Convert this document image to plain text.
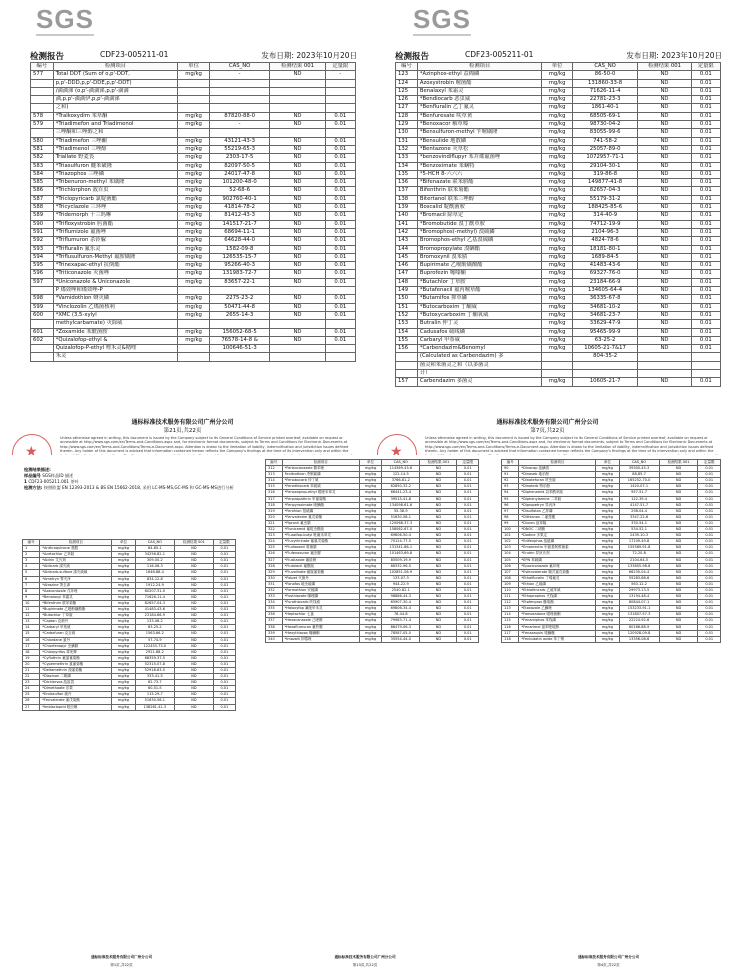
SGS
检测报告	CDF23-005211-01	发布日期: 2023年10月20日
编号	检测项目	单位	CAS_NO	检测结果 001	定量限
577	Total DDT (Sum of o,p'-DDT,	mg/kg	-	ND	-
	p,p'-DDD,p,p'-DDE,p,p'-DDT)				
	/滴滴涕 (o,p'-滴滴涕,p,p'-滴滴				
	滴,p,p'-滴滴伊,p,p'-滴滴涕				
	之和)				
578	*Tralkoxydim 苯草酮	mg/kg	87820-88-0	ND	0.01
579	*Triadimefon and Triadimenol	mg/kg	-	ND	0.01
	三唑酮和三唑醇之和				
580	*Triadimefon 三唑酮	mg/kg	43121-43-3	ND	0.01
581	*Triadimenol 三唑醇	mg/kg	55219-65-3	ND	0.01
582	Triallate 野麦畏	mg/kg	2303-17-5	ND	0.01
583	*Triasulfuron 醚苯磺隆	mg/kg	82097-50-5	ND	0.01
584	*Triazophos 三唑磷	mg/kg	24017-47-8	ND	0.01
585	*Tribenuron-methyl 苯磺隆	mg/kg	101200-48-0	ND	0.01
586	*Trichlorphon 敌百虫	mg/kg	52-68-6	ND	0.01
587	*Triclopyricarb 氯啶菌酯	mg/kg	902760-40-1	ND	0.01
588	*Tricyclazole 三环唑	mg/kg	41814-78-2	ND	0.01
589	*Tridemorph 十三吗啉	mg/kg	81412-43-3	ND	0.01
590	*Trifloxystrobin 肟菌酯	mg/kg	141517-21-7	ND	0.01
591	*Triflumizole 氟菌唑	mg/kg	68694-11-1	ND	0.01
592	*Triflumuron 杀铃脲	mg/kg	64628-44-0	ND	0.01
593	*Trifluralin 氟乐灵	mg/kg	1582-09-8	ND	0.01
594	*Triflusulfuron-Methyl 氟胺磺隆	mg/kg	126535-15-7	ND	0.01
595	*Trinexapac-ethyl 抗倒酯	mg/kg	95266-40-3	ND	0.01
596	*Triticonazole 灭菌唑	mg/kg	131983-72-7	ND	0.01
597	*Uniconazole & Uniconazole	mg/kg	83657-22-1	ND	0.01
	P 烯效唑和烯效唑-P				
598	*Vamidothion 蚜灭磷	mg/kg	2275-23-2	ND	0.01
599	*Vinclozolin 乙烯菌核利	mg/kg	50471-44-8	ND	0.01
600	*XMC (3,5-xylyl	mg/kg	2655-14-3	ND	0.01
	methylcarbamate) 灭除威				
601	*Zoxamide 苯酰菌胺	mg/kg	156052-68-5	ND	0.01
602	*Quizalofop-ethyl &	mg/kg	76578-14-8 &	ND	0.01
	Quizalofop-P-ethyl 喹禾灵&精喹		100646-51-3		
	禾灵				
通标标准技术服务有限公司广州分公司
第21页,共22页
Unless otherwise agreed in writing, this document is issued by the Company subject to its General Conditions of Service printed overleaf, available on request or accessible at http://www.sgs.com/en/Terms-and-Conditions.aspx and, for electronic format documents, subject to Terms and Conditions for Electronic Documents at http://www.sgs.com/en/Terms-and-Conditions/Terms-e-Document.aspx. Attention is drawn to the limitation of liability, indemnification and jurisdiction issues defined therein. Any holder of this document is advised that information contained hereon reflects the Company's findings at the time of its intervention only and within the
★
SGS
检测报告	CDF23-005211-01	发布日期: 2023年10月20日
编号	检测项目	单位	CAS_NO	检测结果 001	定量限
123	*Azinphos-ethyl 益棉磷	mg/kg	86-50-0	ND	0.01
124	Azoxystrobin 嘧菌酯	mg/kg	131860-33-8	ND	0.01
125	Benalaxyl 苯霜灵	mg/kg	71626-11-4	ND	0.01
126	*Bendiocarb 恶虫威	mg/kg	22781-23-3	ND	0.01
127	*Benfluralin 乙丁氟灵	mg/kg	1861-40-1	ND	0.01
128	*Benfuresate 呋草黄	mg/kg	68505-69-1	ND	0.01
129	*Benoxacor 解草嗪	mg/kg	98730-04-2	ND	0.01
130	*Bensulfuron-methyl 苄嘧磺隆	mg/kg	83055-99-6	ND	0.01
131	*Bensulide 地散磷	mg/kg	741-58-2	ND	0.01
132	*Bentazone 灭草松	mg/kg	25057-89-0	ND	0.01
133	*benzovindiflupyr 苯并烯氟菌唑	mg/kg	1072957-71-1	ND	0.01
134	*Benzoximate 苯螨特	mg/kg	29104-30-1	ND	0.01
135	*5-HCH 8-六六六	mg/kg	319-86-8	ND	0.01
136	*Bifenazate 联苯肼酯	mg/kg	149877-41-8	ND	0.01
137	Bifenthrin 联苯菊酯	mg/kg	82657-04-3	ND	0.01
138	Bitertanol 联苯三唑醇	mg/kg	55179-31-2	ND	0.01
139	Boscalid 啶酰菌胺	mg/kg	188425-85-6	ND	0.01
140	*Bromacil 除草定	mg/kg	314-40-9	ND	0.01
141	*Bromobutide 溴丁酰草胺	mg/kg	74712-19-9	ND	0.01
142	*Bromophos(-methyl) 溴硫磷	mg/kg	2104-96-3	ND	0.01
143	Bromophos-ethyl 乙基溴硫磷	mg/kg	4824-78-6	ND	0.01
144	Bromopropylate 溴螨酯	mg/kg	18181-80-1	ND	0.01
145	Bromoxynil 溴苯腈	mg/kg	1689-84-5	ND	0.01
146	Bupirimate 乙嘧酚磺酸酯	mg/kg	41483-43-6	ND	0.01
147	Buprofezin 噻嗪酮	mg/kg	69327-76-0	ND	0.01
148	*Butachlor 丁草胺	mg/kg	23184-66-9	ND	0.01
149	*Butafenacil 氟丙嘧草酯	mg/kg	134605-64-4	ND	0.01
150	*Butamifos 抑草磷	mg/kg	36335-67-8	ND	0.01
151	*Butocarboxim 丁酮威	mg/kg	34681-10-2	ND	0.01
152	*Butoxycarboxim 丁酮氧威	mg/kg	34681-23-7	ND	0.01
153	Butralin 仲丁灵	mg/kg	33629-47-9	ND	0.01
154	Cadusafos 硫线磷	mg/kg	95465-99-9	ND	0.01
155	Carbaryl 甲萘威	mg/kg	63-25-2	ND	0.01
156	*Carbendazim&Benomyl	mg/kg	10605-21-7&17	ND	0.01
	(Calculated as Carbendazim) 多		804-35-2		
	菌灵和苯菌灵之和（以多菌灵				
	计）				
157	Carbendazim 多菌灵	mg/kg	10605-21-7	ND	0.01
通标标准技术服务有限公司广州分公司
第7页,共22页
Unless otherwise agreed in writing, this document is issued by the Company subject to its General Conditions of Service printed overleaf, available on request or accessible at http://www.sgs.com/en/Terms-and-Conditions.aspx and, for electronic format documents, subject to Terms and Conditions for Electronic Documents at http://www.sgs.com/en/Terms-and-Conditions/Terms-e-Document.aspx. Attention is drawn to the limitation of liability, indemnification and jurisdiction issues defined therein. Any holder of this document is advised that information contained hereon reflects the Company's findings at the time of its intervention only and within the
★
检测结果描述:
样品编号 SGS样品ID 描述
1 CDF23-005211.001 茶叶
检测方法: 按照欧盟 EN 12393-2013 & BS EN 15662-2018, 采用 LC-MS-MS,GC-MS 和 GC-MS-MS进行分析
编号	检测项目	单位	CAS_NO	检测结果 001	定量限
1	*Anthraquinone 蒽醌	mg/kg	84-65-1	ND	0.01
2	*Acetochlor 乙草胺	mg/kg	34256-82-1	ND	0.01
3	*Aldrin 艾氏剂	mg/kg	309-00-2	ND	0.01
4	*Aldicarb 涕灭威	mg/kg	116-06-3	ND	0.01
5	*Aldicarb-sulfone 涕灭威砜	mg/kg	1646-88-4	ND	0.01
6	*Ametryn 莠灭净	mg/kg	834-12-8	ND	0.01
7	*Atrazine 莠去津	mg/kg	1912-24-9	ND	0.01
8	*Azaconazole 戊环唑	mg/kg	60207-31-0	ND	0.01
9	*Benalaxyl 苯霜灵	mg/kg	71626-11-4	ND	0.01
10	*Bifenthrin 联苯菊酯	mg/kg	82657-04-3	ND	0.01
11	*Bupirimate 乙嘧酚磺酸酯	mg/kg	41483-43-6	ND	0.01
12	*Butachlor 丁草胺	mg/kg	23184-66-9	ND	0.01
13	*Captan 克菌丹	mg/kg	133-06-2	ND	0.01
14	*Carbaryl 甲萘威	mg/kg	63-25-2	ND	0.01
15	*Carbofuran 克百威	mg/kg	1563-66-2	ND	0.01
16	*Chlordane 氯丹	mg/kg	57-74-9	ND	0.01
17	*Chlorfenapyr 虫螨腈	mg/kg	122453-73-0	ND	0.01
18	*Chlorpyrifos 毒死蜱	mg/kg	2921-88-2	ND	0.01
19	*Cyfluthrin 氟氯氰菊酯	mg/kg	68359-37-5	ND	0.01
20	*Cypermethrin 氯氰菊酯	mg/kg	52315-07-8	ND	0.01
21	*Deltamethrin 溴氰菊酯	mg/kg	52918-63-5	ND	0.01
22	*Diazinon 二嗪磷	mg/kg	333-41-5	ND	0.01
23	*Dichlorvos 敌敌畏	mg/kg	62-73-7	ND	0.01
24	*Dimethoate 乐果	mg/kg	60-51-5	ND	0.01
25	*Endosulfan 硫丹	mg/kg	115-29-7	ND	0.01
26	*Fenvalerate 氰戊菊酯	mg/kg	51630-58-1	ND	0.01
27	*Imidacloprid 吡虫啉	mg/kg	138261-41-3	ND	0.01
通标标准技术服务有限公司广州分公司
第1页,共22页
编号	检测项目	单位	CAS_NO	检测结果 001	定量限
312	*Fenbuconazole 腈苯唑	mg/kg	114369-43-6	ND	0.01
313	Fenitrothion 杀螟硫磷	mg/kg	122-14-5	ND	0.01
314	*Fenobucarb 仲丁威	mg/kg	3766-81-2	ND	0.01
315	*Fenothiocarb 苯硫威	mg/kg	62850-32-2	ND	0.01
316	*Fenoxaprop-ethyl 噁唑禾草灵	mg/kg	66441-23-4	ND	0.01
317	*Fenpropathrin 甲氰菊酯	mg/kg	39515-41-8	ND	0.01
318	*Fenpyroximate 唑螨酯	mg/kg	134098-61-6	ND	0.01
319	*Fenthion 倍硫磷	mg/kg	55-38-9	ND	0.01
320	*Fenvalerate 氰戊菊酯	mg/kg	51630-58-1	ND	0.01
321	*Fipronil 氟虫腈	mg/kg	120068-37-3	ND	0.01
322	*Flonicamid 氟啶虫酰胺	mg/kg	158062-67-0	ND	0.01
323	*Fluazifop-butyl 吡氟禾草灵	mg/kg	69806-50-4	ND	0.01
324	*Flucythrinate 氟氰戊菊酯	mg/kg	70124-77-5	ND	0.01
325	*Fludioxonil 咯菌腈	mg/kg	131341-86-1	ND	0.01
326	*Flufenoxuron 氟虫脲	mg/kg	101463-69-8	ND	0.01
327	*Flusilazole 氟硅唑	mg/kg	85509-19-9	ND	0.01
328	*Flutolanil 氟酰胺	mg/kg	66332-96-5	ND	0.01
329	*Fluvalinate 氟胺氰菊酯	mg/kg	102851-06-9	ND	0.01
330	*Folpet 灭菌丹	mg/kg	133-07-3	ND	0.01
331	*Fonofos 地虫硫磷	mg/kg	944-22-9	ND	0.01
332	*Formothion 安硫磷	mg/kg	2540-82-1	ND	0.01
333	*Fosthiazate 噻唑膦	mg/kg	98886-44-3	ND	0.01
334	*Furathiocarb 呋线威	mg/kg	65907-30-4	ND	0.01
335	*Haloxyfop 氟吡甲禾灵	mg/kg	69806-34-4	ND	0.01
336	*Heptachlor 七氯	mg/kg	76-44-8	ND	0.01
337	*Hexaconazole 己唑醇	mg/kg	79983-71-4	ND	0.01
338	*Hexaflumuron 氟铃脲	mg/kg	86479-06-3	ND	0.01
339	*Hexythiazox 噻螨酮	mg/kg	78587-05-0	ND	0.01
340	*Imazalil 抑霉唑	mg/kg	35554-44-0	ND	0.01
通标标准技术服务有限公司广州分公司
第13页,共22页
编号	检测项目	单位	CAS_NO	检测结果 001	定量限
90	*Dinocap 敌螨普	mg/kg	39300-45-3	ND	0.01
91	*Dinoseb 地乐酚	mg/kg	88-85-7	ND	0.01
92	*Dinotefuran 呋虫胺	mg/kg	165252-70-0	ND	0.01
93	*Dinoterb 特乐酚	mg/kg	1420-07-1	ND	0.01
94	*Diphenamid 双苯酰草胺	mg/kg	957-51-7	ND	0.01
95	*Diphenylamine 二苯胺	mg/kg	122-39-4	ND	0.01
96	*Dipropetryn 异丙净	mg/kg	4147-51-7	ND	0.01
97	*Disulfoton 乙拌磷	mg/kg	298-04-4	ND	0.01
98	*Dithianon 二氰蒽醌	mg/kg	3347-22-6	ND	0.01
99	*Diuron 敌草隆	mg/kg	330-54-1	ND	0.01
100	*DNOC 二硝酚	mg/kg	534-52-1	ND	0.01
101	*Dodine 多果定	mg/kg	2439-10-3	ND	0.01
102	*Edifenphos 敌瘟磷	mg/kg	17109-49-8	ND	0.01
103	*Emamectin 甲氨基阿维菌素	mg/kg	155569-91-8	ND	0.01
104	*Endrin 异狄氏剂	mg/kg	72-20-8	ND	0.01
105	*EPN 苯硫磷	mg/kg	2104-64-5	ND	0.01
106	*Epoxiconazole 氟环唑	mg/kg	133855-98-8	ND	0.01
107	*Esfenvalerate 顺式氰戊菊酯	mg/kg	66230-04-4	ND	0.01
108	*Ethalfluralin 丁烯氟灵	mg/kg	55283-68-6	ND	0.01
109	*Ethion 乙硫磷	mg/kg	563-12-2	ND	0.01
110	*Ethiofencarb 乙硫苯威	mg/kg	29973-13-5	ND	0.01
111	*Ethoprophos 灭线磷	mg/kg	13194-48-4	ND	0.01
112	*Etofenprox 醚菊酯	mg/kg	80844-07-1	ND	0.01
113	*Etoxazole 乙螨唑	mg/kg	153233-91-1	ND	0.01
114	*Famoxadone 噁唑菌酮	mg/kg	131807-57-3	ND	0.01
115	*Fenamiphos 苯线磷	mg/kg	22224-92-6	ND	0.01
116	*Fenarimol 氯苯嘧啶醇	mg/kg	60168-88-9	ND	0.01
117	*Fenazaquin 喹螨醚	mg/kg	120928-09-8	ND	0.01
118	*Fenbutatin oxide 苯丁锡	mg/kg	13356-08-6	ND	0.01
通标标准技术服务有限公司广州分公司
第4页,共22页
